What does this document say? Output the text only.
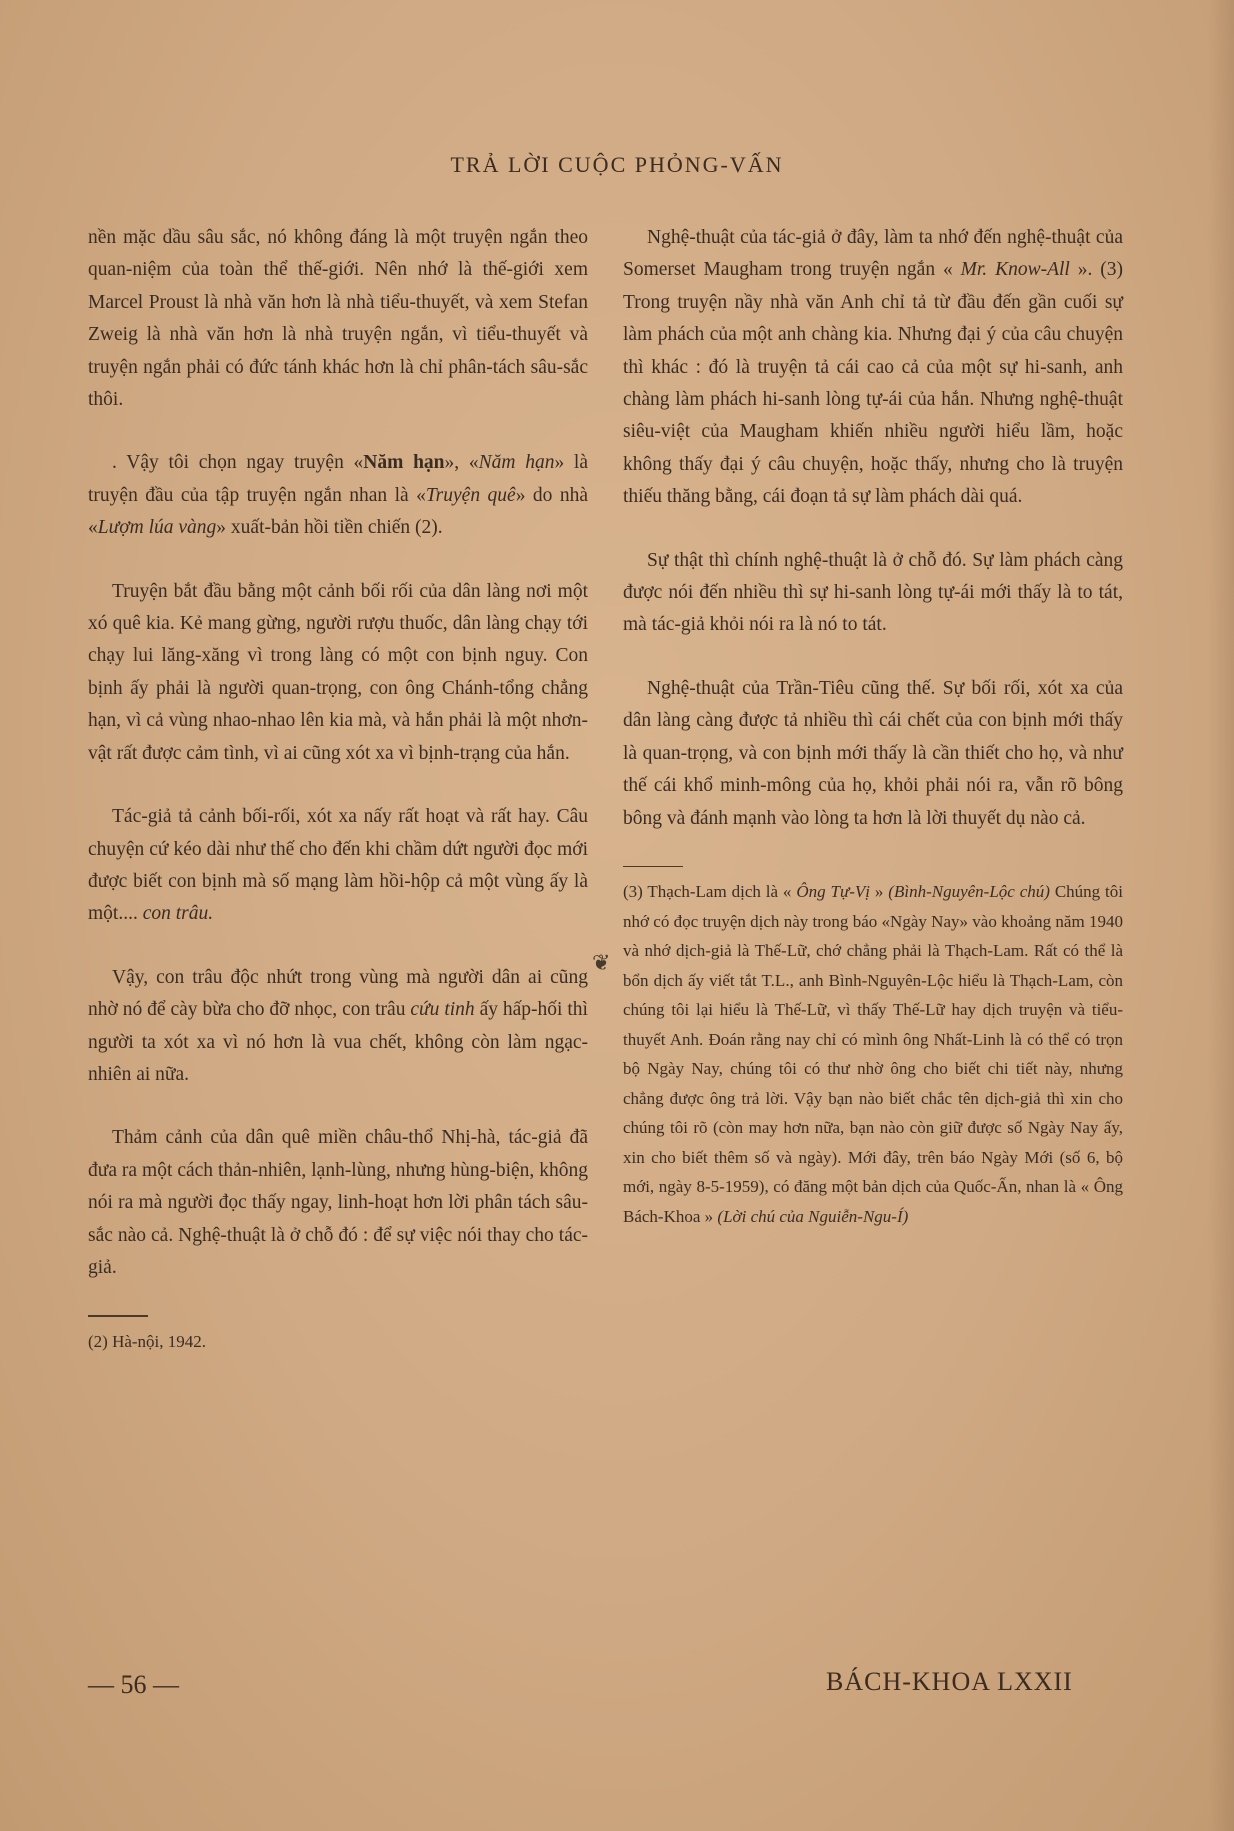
TRẢ LỜI CUỘC PHỎNG-VẤN

nền mặc dầu sâu sắc, nó không đáng là một truyện ngắn theo quan-niệm của toàn thể thế-giới. Nên nhớ là thế-giới xem Marcel Proust là nhà văn hơn là nhà tiểu-thuyết, và xem Stefan Zweig là nhà văn hơn là nhà truyện ngắn, vì tiểu-thuyết và truyện ngắn phải có đức tánh khác hơn là chỉ phân-tách sâu-sắc thôi.

. Vậy tôi chọn ngay truyện «Năm hạn», «Năm hạn» là truyện đầu của tập truyện ngắn nhan là «Truyện quê» do nhà «Lượm lúa vàng» xuất-bản hồi tiền chiến (2).

Truyện bắt đầu bằng một cảnh bối rối của dân làng nơi một xó quê kia. Kẻ mang gừng, người rượu thuốc, dân làng chạy tới chạy lui lăng-xăng vì trong làng có một con bịnh nguy. Con bịnh ấy phải là người quan-trọng, con ông Chánh-tổng chẳng hạn, vì cả vùng nhao-nhao lên kia mà, và hắn phải là một nhơn-vật rất được cảm tình, vì ai cũng xót xa vì bịnh-trạng của hắn.

Tác-giả tả cảnh bối-rối, xót xa nấy rất hoạt và rất hay. Câu chuyện cứ kéo dài như thế cho đến khi chầm dứt người đọc mới được biết con bịnh mà số mạng làm hồi-hộp cả một vùng ấy là một.... con trâu.

Vậy, con trâu độc nhứt trong vùng mà người dân ai cũng nhờ nó để cày bừa cho đỡ nhọc, con trâu cứu tinh ấy hấp-hối thì người ta xót xa vì nó hơn là vua chết, không còn làm ngạc-nhiên ai nữa.

Thảm cảnh của dân quê miền châu-thổ Nhị-hà, tác-giả đã đưa ra một cách thản-nhiên, lạnh-lùng, nhưng hùng-biện, không nói ra mà người đọc thấy ngay, linh-hoạt hơn lời phân tách sâu-sắc nào cả. Nghệ-thuật là ở chỗ đó : để sự việc nói thay cho tác-giả.

(2) Hà-nội, 1942.

❦

Nghệ-thuật của tác-giả ở đây, làm ta nhớ đến nghệ-thuật của Somerset Maugham trong truyện ngắn « Mr. Know-All ». (3) Trong truyện nầy nhà văn Anh chỉ tả từ đầu đến gần cuối sự làm phách của một anh chàng kia. Nhưng đại ý của câu chuyện thì khác : đó là truyện tả cái cao cả của một sự hi-sanh, anh chàng làm phách hi-sanh lòng tự-ái của hắn. Nhưng nghệ-thuật siêu-việt của Maugham khiến nhiều người hiểu lầm, hoặc không thấy đại ý câu chuyện, hoặc thấy, nhưng cho là truyện thiếu thăng bằng, cái đoạn tả sự làm phách dài quá.

Sự thật thì chính nghệ-thuật là ở chỗ đó. Sự làm phách càng được nói đến nhiều thì sự hi-sanh lòng tự-ái mới thấy là to tát, mà tác-giả khỏi nói ra là nó to tát.

Nghệ-thuật của Trần-Tiêu cũng thế. Sự bối rối, xót xa của dân làng càng được tả nhiều thì cái chết của con bịnh mới thấy là quan-trọng, và con bịnh mới thấy là cần thiết cho họ, và như thế cái khổ minh-mông của họ, khỏi phải nói ra, vẫn rõ bông bông và đánh mạnh vào lòng ta hơn là lời thuyết dụ nào cả.

(3) Thạch-Lam dịch là « Ông Tự-Vị » (Bình-Nguyên-Lộc chú) Chúng tôi nhớ có đọc truyện dịch này trong báo «Ngày Nay» vào khoảng năm 1940 và nhớ dịch-giả là Thế-Lữ, chớ chẳng phải là Thạch-Lam. Rất có thể là bổn dịch ấy viết tắt T.L., anh Bình-Nguyên-Lộc hiểu là Thạch-Lam, còn chúng tôi lại hiểu là Thế-Lữ, vì thấy Thế-Lữ hay dịch truyện và tiểu-thuyết Anh. Đoán rằng nay chỉ có mình ông Nhất-Linh là có thể có trọn bộ Ngày Nay, chúng tôi có thư nhờ ông cho biết chi tiết này, nhưng chẳng được ông trả lời. Vậy bạn nào biết chắc tên dịch-giả thì xin cho chúng tôi rõ (còn may hơn nữa, bạn nào còn giữ được số Ngày Nay ấy, xin cho biết thêm số và ngày). Mới đây, trên báo Ngày Mới (số 6, bộ mới, ngày 8-5-1959), có đăng một bản dịch của Quốc-Ấn, nhan là « Ông Bách-Khoa » (Lời chú của Nguiễn-Ngu-Í)

— 56 —	BÁCH-KHOA LXXII
